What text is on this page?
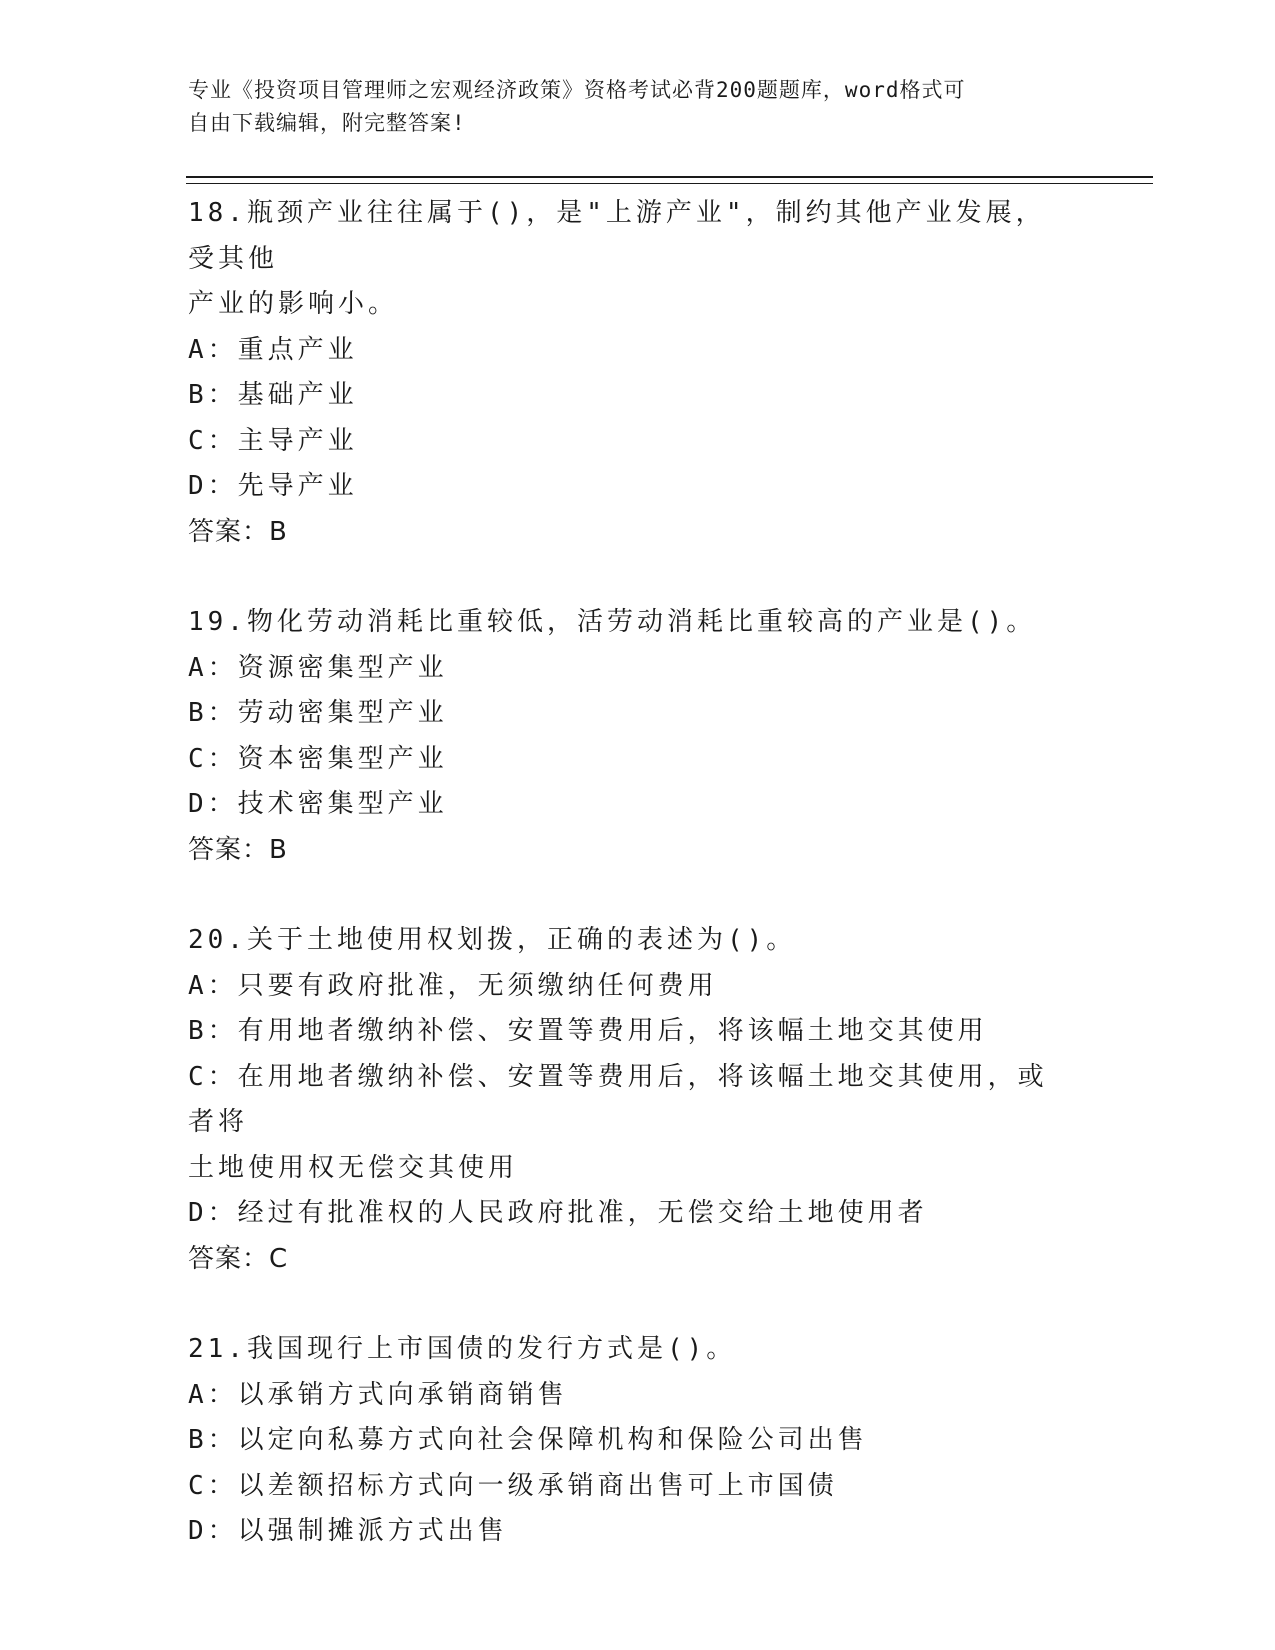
专业《投资项目管理师之宏观经济政策》资格考试必背200题题库，word格式可
自由下载编辑，附完整答案!
18.瓶颈产业往往属于()，是"上游产业"，制约其他产业发展，受其他
产业的影响小。
A：重点产业
B：基础产业
C：主导产业
D：先导产业
答案：B
19.物化劳动消耗比重较低，活劳动消耗比重较高的产业是()。
A：资源密集型产业
B：劳动密集型产业
C：资本密集型产业
D：技术密集型产业
答案：B
20.关于土地使用权划拨，正确的表述为()。
A：只要有政府批准，无须缴纳任何费用
B：有用地者缴纳补偿、安置等费用后，将该幅土地交其使用
C：在用地者缴纳补偿、安置等费用后，将该幅土地交其使用，或者将
土地使用权无偿交其使用
D：经过有批准权的人民政府批准，无偿交给土地使用者
答案：C
21.我国现行上市国债的发行方式是()。
A：以承销方式向承销商销售
B：以定向私募方式向社会保障机构和保险公司出售
C：以差额招标方式向一级承销商出售可上市国债
D：以强制摊派方式出售
